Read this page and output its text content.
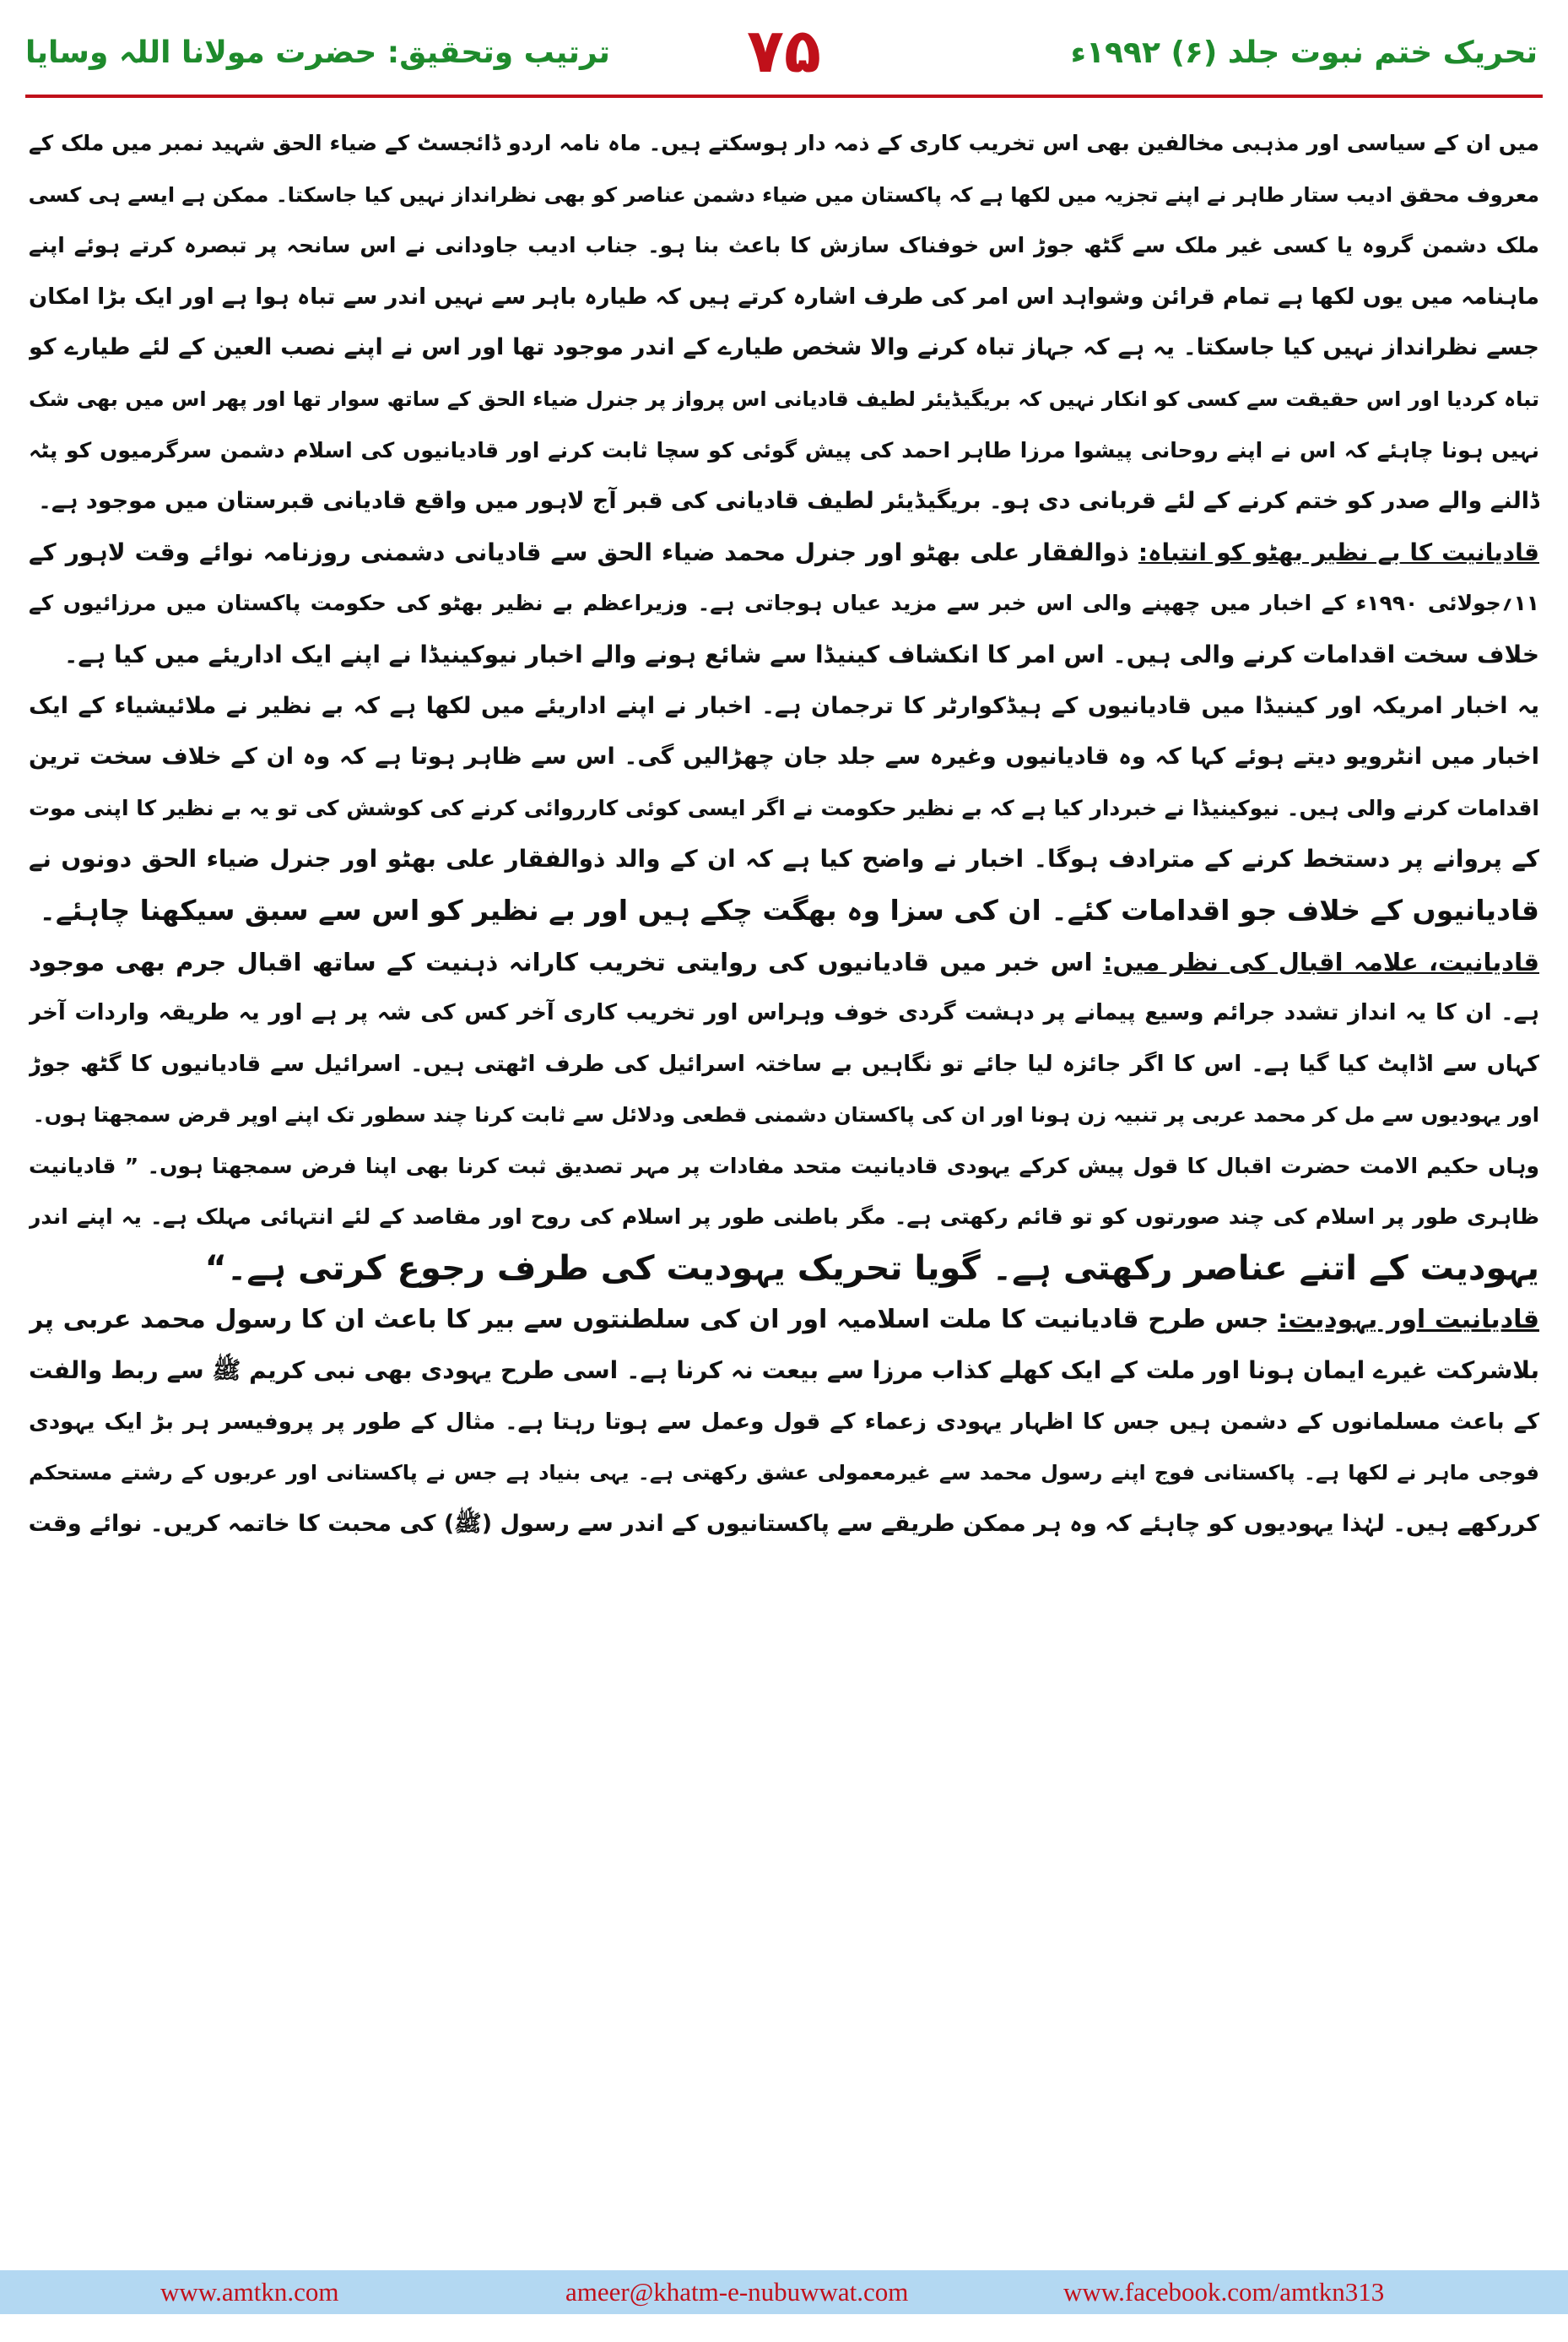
تحریک ختم نبوت جلد (۶) ۱۹۹۲ء
۷۵
ترتیب وتحقیق: حضرت مولانا اللہ وسایا
میں ان کے سیاسی اور مذہبی مخالفین بھی اس تخریب کاری کے ذمہ دار ہوسکتے ہیں۔ ماہ نامہ اردو ڈائجسٹ کے ضیاء الحق شہید نمبر میں ملک کے
معروف محقق ادیب ستار طاہر نے اپنے تجزیہ میں لکھا ہے کہ پاکستان میں ضیاء دشمن عناصر کو بھی نظرانداز نہیں کیا جاسکتا۔ ممکن ہے ایسے ہی کسی
ملک دشمن گروہ یا کسی غیر ملک سے گٹھ جوڑ اس خوفناک سازش کا باعث بنا ہو۔ جناب ادیب جاودانی نے اس سانحہ پر تبصرہ کرتے ہوئے اپنے
ماہنامہ میں یوں لکھا ہے تمام قرائن وشواہد اس امر کی طرف اشارہ کرتے ہیں کہ طیارہ باہر سے نہیں اندر سے تباہ ہوا ہے اور ایک بڑا امکان
جسے نظرانداز نہیں کیا جاسکتا۔ یہ ہے کہ جہاز تباہ کرنے والا شخص طیارے کے اندر موجود تھا اور اس نے اپنے نصب العین کے لئے طیارے کو
تباہ کردیا اور اس حقیقت سے کسی کو انکار نہیں کہ بریگیڈیئر لطیف قادیانی اس پرواز پر جنرل ضیاء الحق کے ساتھ سوار تھا اور پھر اس میں بھی شک
نہیں ہونا چاہئے کہ اس نے اپنے روحانی پیشوا مرزا طاہر احمد کی پیش گوئی کو سچا ثابت کرنے اور قادیانیوں کی اسلام دشمن سرگرمیوں کو پٹہ
ڈالنے والے صدر کو ختم کرنے کے لئے قربانی دی ہو۔ بریگیڈیئر لطیف قادیانی کی قبر آج لاہور میں واقع قادیانی قبرستان میں موجود ہے۔
قادیانیت کا بے نظیر بھٹو کو انتباہ: ذوالفقار علی بھٹو اور جنرل محمد ضیاء الحق سے قادیانی دشمنی روزنامہ نوائے وقت لاہور کے
۱۱؍جولائی ۱۹۹۰ء کے اخبار میں چھپنے والی اس خبر سے مزید عیاں ہوجاتی ہے۔ وزیراعظم بے نظیر بھٹو کی حکومت پاکستان میں مرزائیوں کے
خلاف سخت اقدامات کرنے والی ہیں۔ اس امر کا انکشاف کینیڈا سے شائع ہونے والے اخبار نیوکینیڈا نے اپنے ایک اداریئے میں کیا ہے۔
یہ اخبار امریکہ اور کینیڈا میں قادیانیوں کے ہیڈکوارٹر کا ترجمان ہے۔ اخبار نے اپنے اداریئے میں لکھا ہے کہ بے نظیر نے ملائیشیاء کے ایک
اخبار میں انٹرویو دیتے ہوئے کہا کہ وہ قادیانیوں وغیرہ سے جلد جان چھڑالیں گی۔ اس سے ظاہر ہوتا ہے کہ وہ ان کے خلاف سخت ترین
اقدامات کرنے والی ہیں۔ نیوکینیڈا نے خبردار کیا ہے کہ بے نظیر حکومت نے اگر ایسی کوئی کارروائی کرنے کی کوشش کی تو یہ بے نظیر کا اپنی موت
کے پروانے پر دستخط کرنے کے مترادف ہوگا۔ اخبار نے واضح کیا ہے کہ ان کے والد ذوالفقار علی بھٹو اور جنرل ضیاء الحق دونوں نے
قادیانیوں کے خلاف جو اقدامات کئے۔ ان کی سزا وہ بھگت چکے ہیں اور بے نظیر کو اس سے سبق سیکھنا چاہئے۔
قادیانیت، علامہ اقبال کی نظر میں: اس خبر میں قادیانیوں کی روایتی تخریب کارانہ ذہنیت کے ساتھ اقبال جرم بھی موجود
ہے۔ ان کا یہ انداز تشدد جرائم وسیع پیمانے پر دہشت گردی خوف وہراس اور تخریب کاری آخر کس کی شہ پر ہے اور یہ طریقہ واردات آخر
کہاں سے اڈاپٹ کیا گیا ہے۔ اس کا اگر جائزہ لیا جائے تو نگاہیں بے ساختہ اسرائیل کی طرف اٹھتی ہیں۔ اسرائیل سے قادیانیوں کا گٹھ جوڑ
اور یہودیوں سے مل کر محمد عربی پر تنبیہ زن ہونا اور ان کی پاکستان دشمنی قطعی ودلائل سے ثابت کرنا چند سطور تک اپنے اوپر قرض سمجھتا ہوں۔
وہاں حکیم الامت حضرت اقبال کا قول پیش کرکے یہودی قادیانیت متحد مفادات پر مہر تصدیق ثبت کرنا بھی اپنا فرض سمجھتا ہوں۔ ” قادیانیت
ظاہری طور پر اسلام کی چند صورتوں کو تو قائم رکھتی ہے۔ مگر باطنی طور پر اسلام کی روح اور مقاصد کے لئے انتہائی مہلک ہے۔ یہ اپنے اندر
یہودیت کے اتنے عناصر رکھتی ہے۔ گویا تحریک یہودیت کی طرف رجوع کرتی ہے۔“
قادیانیت اور یہودیت: جس طرح قادیانیت کا ملت اسلامیہ اور ان کی سلطنتوں سے بیر کا باعث ان کا رسول محمد عربی پر
بلاشرکت غیرے ایمان ہونا اور ملت کے ایک کھلے کذاب مرزا سے بیعت نہ کرنا ہے۔ اسی طرح یہودی بھی نبی کریم ﷺ سے ربط والفت
کے باعث مسلمانوں کے دشمن ہیں جس کا اظہار یہودی زعماء کے قول وعمل سے ہوتا رہتا ہے۔ مثال کے طور پر پروفیسر ہر بڑ ایک یہودی
فوجی ماہر نے لکھا ہے۔ پاکستانی فوج اپنے رسول محمد سے غیرمعمولی عشق رکھتی ہے۔ یہی بنیاد ہے جس نے پاکستانی اور عربوں کے رشتے مستحکم
کررکھے ہیں۔ لہٰذا یہودیوں کو چاہئے کہ وہ ہر ممکن طریقے سے پاکستانیوں کے اندر سے رسول (ﷺ) کی محبت کا خاتمہ کریں۔ نوائے وقت
www.amtkn.com	ameer@khatm-e-nubuwwat.com	www.facebook.com/amtkn313
